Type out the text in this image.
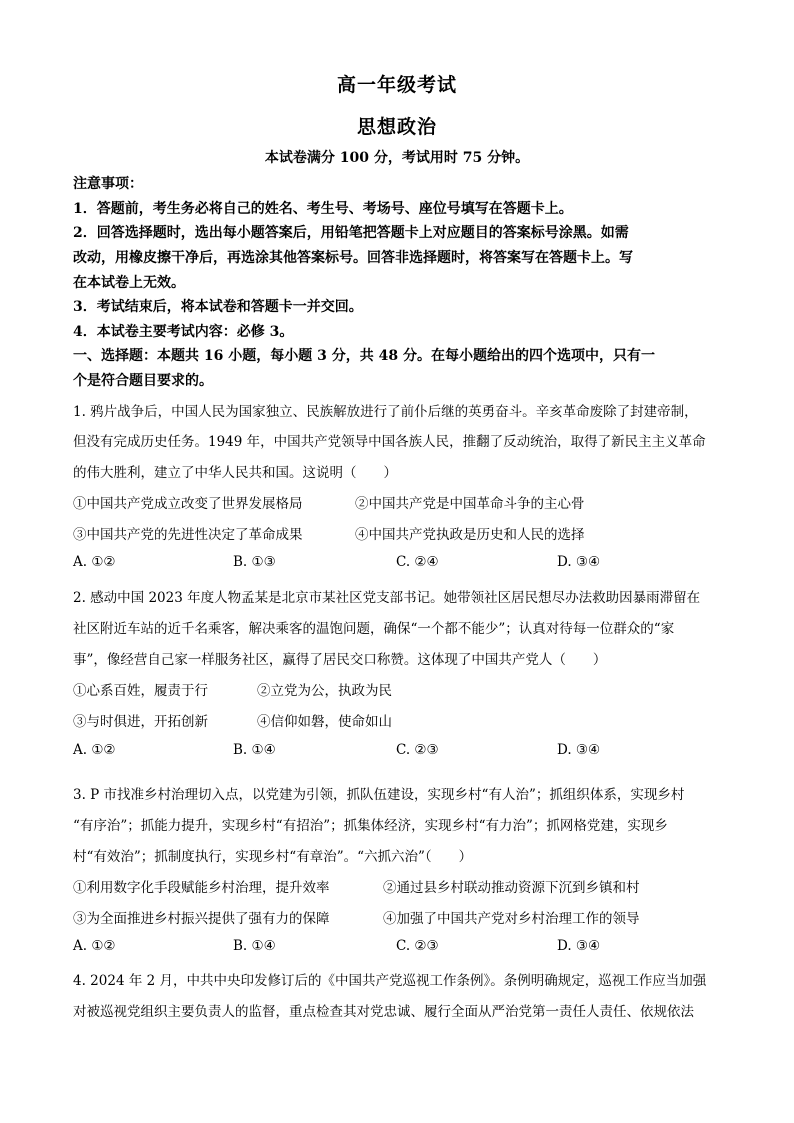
高一年级考试
思想政治
本试卷满分 100 分，考试用时 75 分钟。
注意事项：
1．答题前，考生务必将自己的姓名、考生号、考场号、座位号填写在答题卡上。
2．回答选择题时，选出每小题答案后，用铅笔把答题卡上对应题目的答案标号涂黑。如需
改动，用橡皮擦干净后，再选涂其他答案标号。回答非选择题时，将答案写在答题卡上。写
在本试卷上无效。
3．考试结束后，将本试卷和答题卡一并交回。
4．本试卷主要考试内容：必修 3。
一、选择题：本题共 16 小题，每小题 3 分，共 48 分。在每小题给出的四个选项中，只有一
个是符合题目要求的。
1. 鸦片战争后，中国人民为国家独立、民族解放进行了前仆后继的英勇奋斗。辛亥革命废除了封建帝制，
但没有完成历史任务。1949 年，中国共产党领导中国各族人民，推翻了反动统治，取得了新民主主义革命
的伟大胜利，建立了中华人民共和国。这说明（　　）
①中国共产党成立改变了世界发展格局	②中国共产党是中国革命斗争的主心骨
③中国共产党的先进性决定了革命成果	④中国共产党执政是历史和人民的选择
A. ①②	B. ①③	C. ②④	D. ③④
2. 感动中国 2023 年度人物孟某是北京市某社区党支部书记。她带领社区居民想尽办法救助因暴雨滞留在
社区附近车站的近千名乘客，解决乘客的温饱问题，确保“一个都不能少”；认真对待每一位群众的“家
事”，像经营自己家一样服务社区，赢得了居民交口称赞。这体现了中国共产党人（　　）
①心系百姓，履责于行	②立党为公，执政为民
③与时俱进，开拓创新	④信仰如磐，使命如山
A. ①②	B. ①④	C. ②③	D. ③④
3. P 市找准乡村治理切入点，以党建为引领，抓队伍建设，实现乡村“有人治”；抓组织体系，实现乡村
“有序治”；抓能力提升，实现乡村“有招治”；抓集体经济，实现乡村“有力治”；抓网格党建，实现乡
村“有效治”；抓制度执行，实现乡村“有章治”。“六抓六治”（　　）
①利用数字化手段赋能乡村治理，提升效率	②通过县乡村联动推动资源下沉到乡镇和村
③为全面推进乡村振兴提供了强有力的保障	④加强了中国共产党对乡村治理工作的领导
A. ①②	B. ①④	C. ②③	D. ③④
4. 2024 年 2 月，中共中央印发修订后的《中国共产党巡视工作条例》。条例明确规定，巡视工作应当加强
对被巡视党组织主要负责人的监督，重点检查其对党忠诚、履行全面从严治党第一责任人责任、依规依法
